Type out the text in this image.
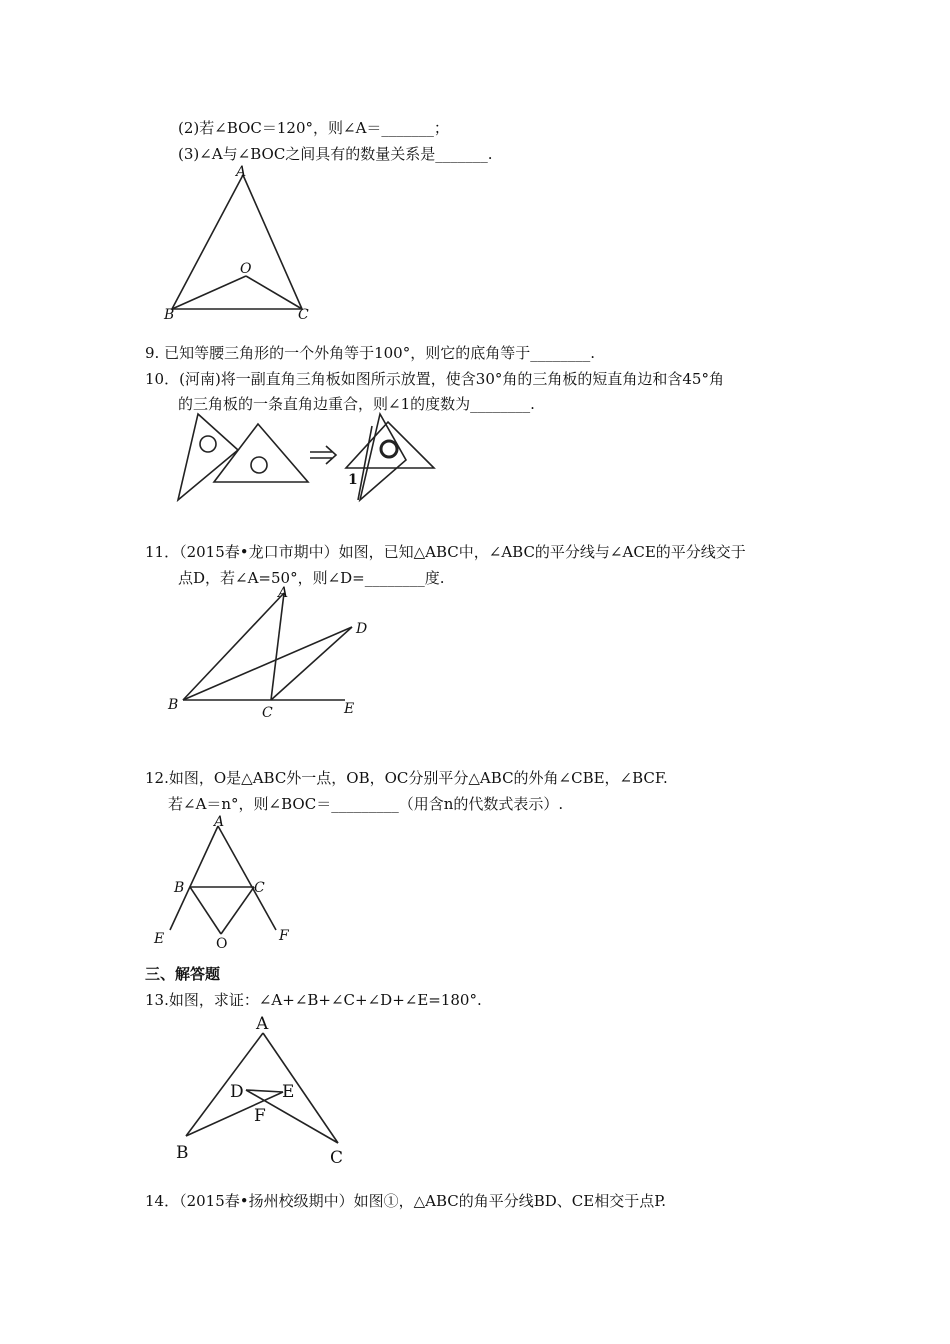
(2)若∠BOC＝120°，则∠A＝_______；
(3)∠A与∠BOC之间具有的数量关系是_______.
A
B	C
O
9. 已知等腰三角形的一个外角等于100°，则它的底角等于________.
10．(河南)将一副直角三角板如图所示放置，使含30°角的三角板的短直角边和含45°角
的三角板的一条直角边重合，则∠1的度数为________.
1
11．（2015春•龙口市期中）如图，已知△ABC中，∠ABC的平分线与∠ACE的平分线交于
点D，若∠A=50°，则∠D=________度.
A
B	C
D
E
12.如图，O是△ABC外一点，OB，OC分别平分△ABC的外角∠CBE，∠BCF.
若∠A＝n°，则∠BOC＝_________（用含n的代数式表示）.
A
B	C
E	F
O
三、解答题
13.如图，求证：∠A+∠B+∠C+∠D+∠E=180°.
A
B	C
D E
F
14．（2015春•扬州校级期中）如图①，△ABC的角平分线BD、CE相交于点P.
